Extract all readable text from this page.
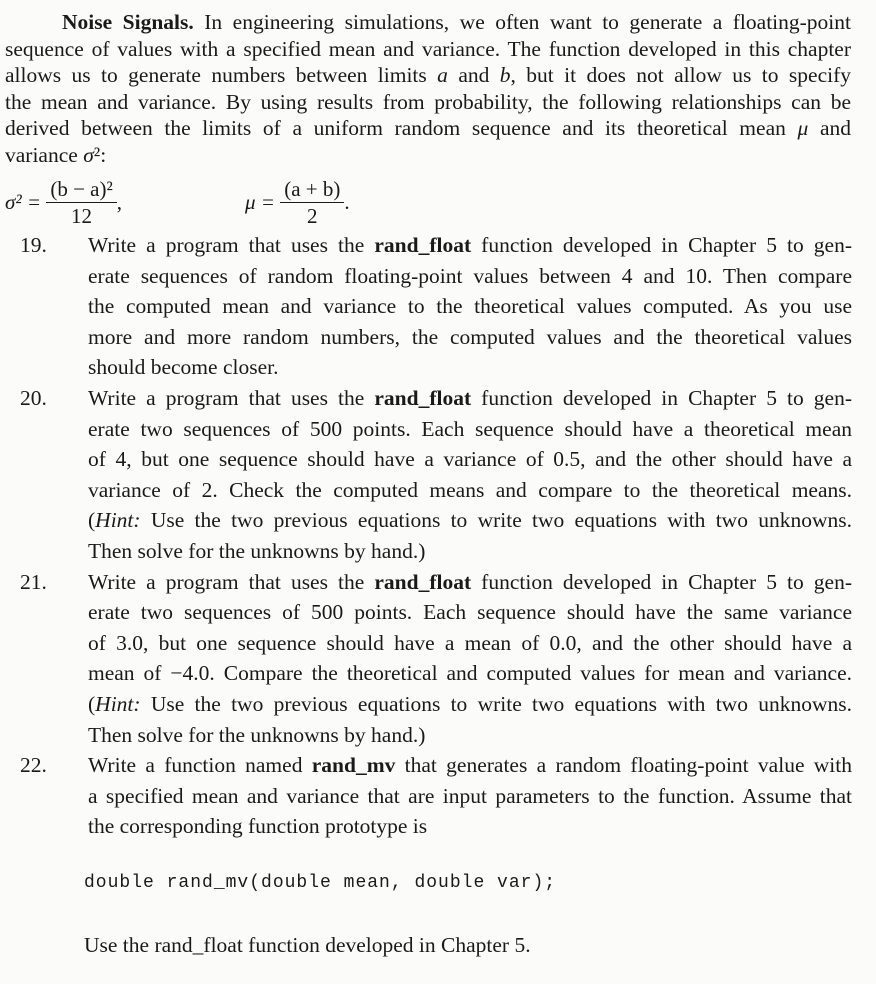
Noise Signals. In engineering simulations, we often want to generate a floating-point
sequence of values with a specified mean and variance. The function developed in this chapter
allows us to generate numbers between limits a and b, but it does not allow us to specify
the mean and variance. By using results from probability, the following relationships can be
derived between the limits of a uniform random sequence and its theoretical mean μ and
variance σ²:
$\sigma^2 = \frac{\text{(b − a)²}}{12}$ ,	$\mu = \frac{(a + b)}{2}$ .
19. Write a program that uses the rand_float function developed in Chapter 5 to gen-
erate sequences of random floating-point values between 4 and 10. Then compare
the computed mean and variance to the theoretical values computed. As you use
more and more random numbers, the computed values and the theoretical values
should become closer.
20. Write a program that uses the rand_float function developed in Chapter 5 to gen-
erate two sequences of 500 points. Each sequence should have a theoretical mean
of 4, but one sequence should have a variance of 0.5, and the other should have a
variance of 2. Check the computed means and compare to the theoretical means.
(Hint: Use the two previous equations to write two equations with two unknowns.
Then solve for the unknowns by hand.)
21. Write a program that uses the rand_float function developed in Chapter 5 to gen-
erate two sequences of 500 points. Each sequence should have the same variance
of 3.0, but one sequence should have a mean of 0.0, and the other should have a
mean of −4.0. Compare the theoretical and computed values for mean and variance.
(Hint: Use the two previous equations to write two equations with two unknowns.
Then solve for the unknowns by hand.)
22. Write a function named rand_mv that generates a random floating-point value with
a specified mean and variance that are input parameters to the function. Assume that
the corresponding function prototype is
double rand_mv(double mean, double var);
Use the rand_float function developed in Chapter 5.
